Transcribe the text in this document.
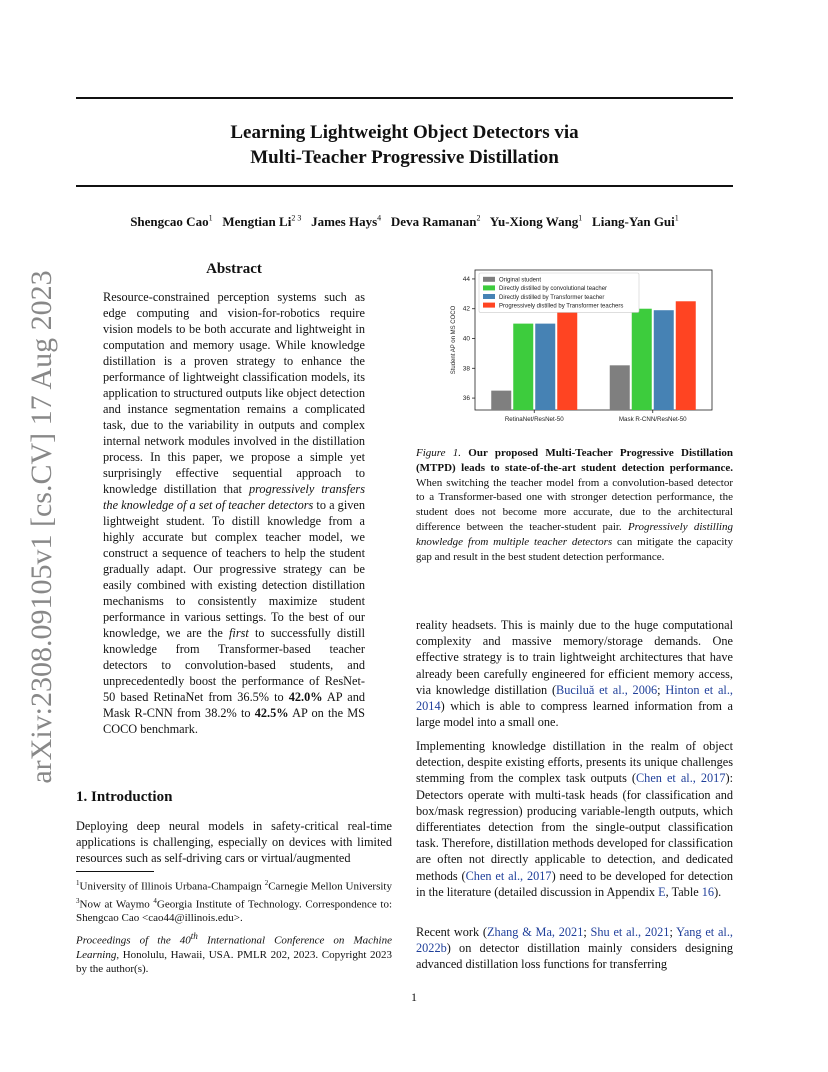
arXiv:2308.09105v1 [cs.CV] 17 Aug 2023
Learning Lightweight Object Detectors via
Multi-Teacher Progressive Distillation
Shengcao Cao$^1$ Mengtian $Li^{2 3}$ James Hays$^4$ Deva Ramanan$^2$ Yu-Xiong Wang$^1$ Liang-Yan Gui$^1$
Abstract
Resource-constrained perception systems such as edge computing and vision-for-robotics require vision models to be both accurate and lightweight in computation and memory usage. While knowledge distillation is a proven strategy to enhance the performance of lightweight classification models, its application to structured outputs like object detection and instance segmentation remains a complicated task, due to the variability in outputs and complex internal network modules involved in the distillation process. In this paper, we propose a simple yet surprisingly effective sequential approach to knowledge distillation that progressively transfers the knowledge of a set of teacher detectors to a given lightweight student. To distill knowledge from a highly accurate but complex teacher model, we construct a sequence of teachers to help the student gradually adapt. Our progressive strategy can be easily combined with existing detection distillation mechanisms to consistently maximize student performance in various settings. To the best of our knowledge, we are the first to successfully distill knowledge from Transformer-based teacher detectors to convolution-based students, and unprecedentedly boost the performance of ResNet-50 based RetinaNet from 36.5% to 42.0% AP and Mask R-CNN from 38.2% to 42.5% AP on the MS COCO benchmark.
1. Introduction
Deploying deep neural models in safety-critical real-time applications is challenging, especially on devices with limited resources such as self-driving cars or virtual/augmented
$^1$University of Illinois Urbana-Champaign $^2$Carnegie Mellon University $^3$Now at Waymo $^4$Georgia Institute of Technology. Correspondence to: Shengcao Cao <cao44@illinois.edu>.
Proceedings of the 40th International Conference on Machine Learning, Honolulu, Hawaii, USA. PMLR 202, 2023. Copyright 2023 by the author(s).
36
38
40
42
44
Student AP on MS COCO
RetinaNet/ResNet-50	Mask R-CNN/ResNet-50
Original student
Directly distilled by convolutional teacher
Directly distilled by Transformer teacher
Progressively distilled by Transformer teachers
Figure 1. Our proposed Multi-Teacher Progressive Distillation (MTPD) leads to state-of-the-art student detection performance. When switching the teacher model from a convolution-based detector to a Transformer-based one with stronger detection performance, the student does not become more accurate, due to the architectural difference between the teacher-student pair. Progressively distilling knowledge from multiple teacher detectors can mitigate the capacity gap and result in the best student detection performance.
reality headsets. This is mainly due to the huge computational complexity and massive memory/storage demands. One effective strategy is to train lightweight architectures that have already been carefully engineered for efficient memory access, via knowledge distillation (Buciluǎ et al., 2006; Hinton et al., 2014) which is able to compress learned information from a large model into a small one.
Implementing knowledge distillation in the realm of object detection, despite existing efforts, presents its unique challenges stemming from the complex task outputs (Chen et al., 2017): Detectors operate with multi-task heads (for classification and box/mask regression) producing variable-length outputs, which differentiates detection from the single-output classification task. Therefore, distillation methods developed for classification are often not directly applicable to detection, and dedicated methods (Chen et al., 2017) need to be developed for detection in the literature (detailed discussion in Appendix E, Table 16).
Recent work (Zhang & Ma, 2021; Shu et al., 2021; Yang et al., 2022b) on detector distillation mainly considers designing advanced distillation loss functions for transferring
1
